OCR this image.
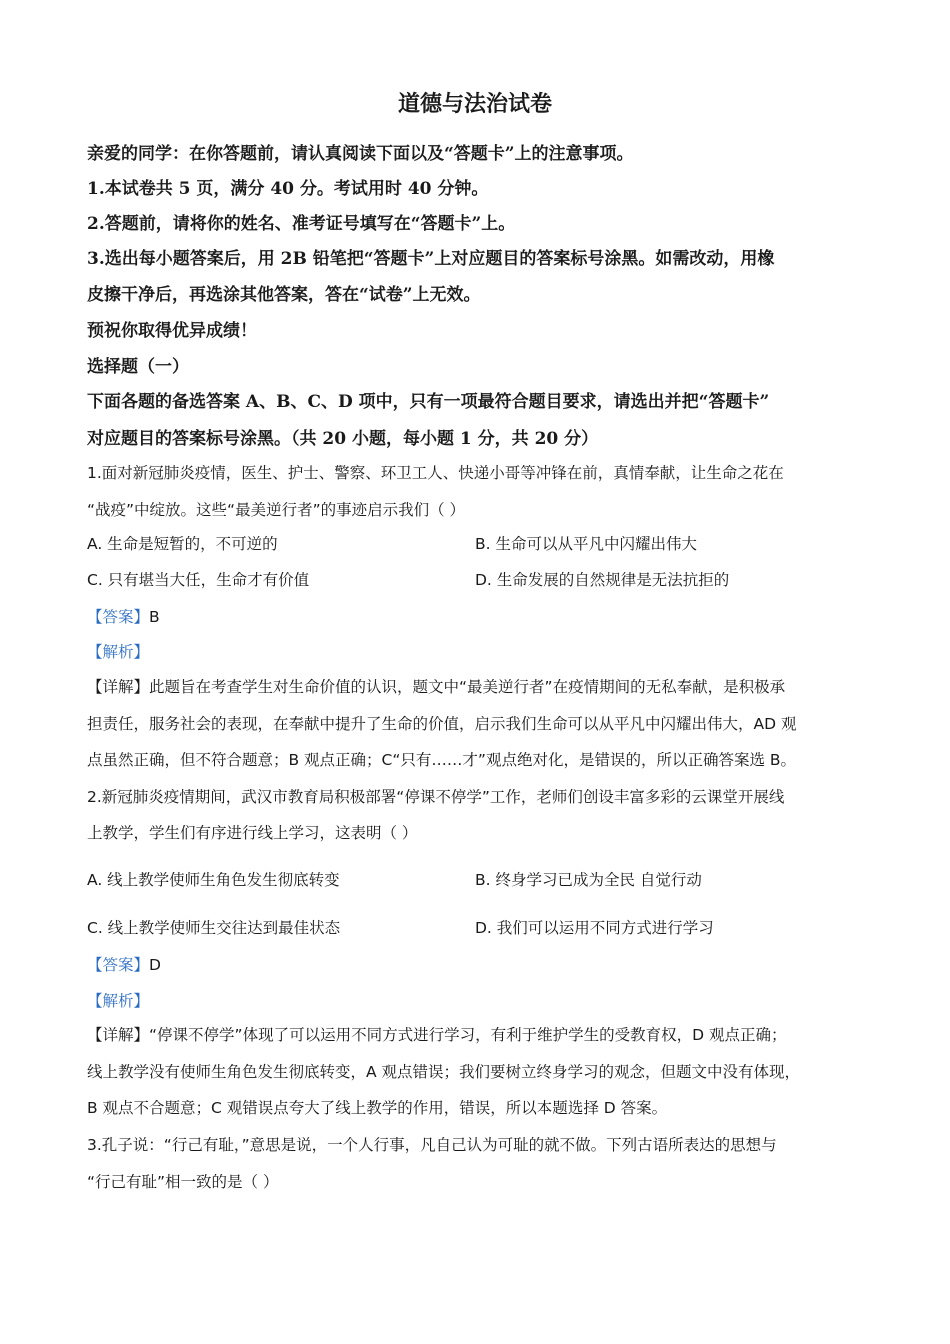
道德与法治试卷
亲爱的同学：在你答题前，请认真阅读下面以及“答题卡”上的注意事项。
1.本试卷共 5 页，满分 40 分。考试用时 40 分钟。
2.答题前，请将你的姓名、准考证号填写在“答题卡”上。
3.选出每小题答案后，用 2B 铅笔把“答题卡”上对应题目的答案标号涂黑。如需改动，用橡
皮擦干净后，再选涂其他答案，答在“试卷”上无效。
预祝你取得优异成绩！
选择题（一）
下面各题的备选答案 A、B、C、D 项中，只有一项最符合题目要求，请选出并把“答题卡”
对应题目的答案标号涂黑。（共 20 小题，每小题 1 分，共 20 分）
1.面对新冠肺炎疫情，医生、护士、警察、环卫工人、快递小哥等冲锋在前，真情奉献，让生命之花在
“战疫”中绽放。这些“最美逆行者”的事迹启示我们（ ）
A. 生命是短暂的，不可逆的	B. 生命可以从平凡中闪耀出伟大
C. 只有堪当大任，生命才有价值	D. 生命发展的自然规律是无法抗拒的
【答案】B
【解析】
【详解】此题旨在考查学生对生命价值的认识，题文中“最美逆行者”在疫情期间的无私奉献，是积极承
担责任，服务社会的表现，在奉献中提升了生命的价值，启示我们生命可以从平凡中闪耀出伟大，AD 观
点虽然正确，但不符合题意；B 观点正确；C“只有……才”观点绝对化，是错误的，所以正确答案选 B。
2.新冠肺炎疫情期间，武汉市教育局积极部署“停课不停学”工作，老师们创设丰富多彩的云课堂开展线
上教学，学生们有序进行线上学习，这表明（ ）
A. 线上教学使师生角色发生彻底转变	B. 终身学习已成为全民 自觉行动
C. 线上教学使师生交往达到最佳状态	D. 我们可以运用不同方式进行学习
【答案】D
【解析】
【详解】“停课不停学”体现了可以运用不同方式进行学习，有利于维护学生的受教育权，D 观点正确；
线上教学没有使师生角色发生彻底转变，A 观点错误；我们要树立终身学习的观念，但题文中没有体现，
B 观点不合题意；C 观错误点夸大了线上教学的作用，错误，所以本题选择 D 答案。
3.孔子说：“行己有耻，”意思是说，一个人行事，凡自己认为可耻的就不做。下列古语所表达的思想与
“行己有耻”相一致的是（ ）
